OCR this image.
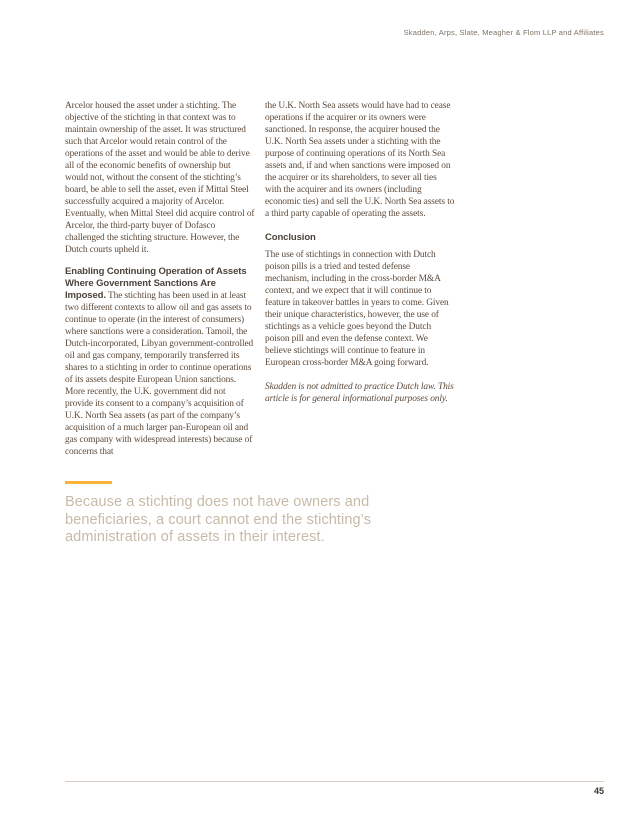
Skadden, Arps, Slate, Meagher & Flom LLP and Affiliates

Arcelor housed the asset under a stichting. The objective of the stichting in that context was to maintain ownership of the asset. It was structured such that Arcelor would retain control of the operations of the asset and would be able to derive all of the economic benefits of ownership but would not, without the consent of the stichting’s board, be able to sell the asset, even if Mittal Steel successfully acquired a majority of Arcelor. Eventually, when Mittal Steel did acquire control of Arcelor, the third-party buyer of Dofasco challenged the stichting structure. However, the Dutch courts upheld it.

Enabling Continuing Operation of Assets Where Government Sanctions Are Imposed. The stichting has been used in at least two different contexts to allow oil and gas assets to continue to operate (in the interest of consumers) where sanctions were a consideration. Tamoil, the Dutch-incorporated, Libyan government-controlled oil and gas company, temporarily transferred its shares to a stichting in order to continue operations of its assets despite European Union sanctions. More recently, the U.K. government did not provide its consent to a company’s acquisition of U.K. North Sea assets (as part of the company’s acquisition of a much larger pan-European oil and gas company with widespread interests) because of concerns that

the U.K. North Sea assets would have had to cease operations if the acquirer or its owners were sanctioned. In response, the acquirer housed the U.K. North Sea assets under a stichting with the purpose of continuing operations of its North Sea assets and, if and when sanctions were imposed on the acquirer or its shareholders, to sever all ties with the acquirer and its owners (including economic ties) and sell the U.K. North Sea assets to a third party capable of operating the assets.

Conclusion

The use of stichtings in connection with Dutch poison pills is a tried and tested defense mechanism, including in the cross-border M&A context, and we expect that it will continue to feature in takeover battles in years to come. Given their unique characteristics, however, the use of stichtings as a vehicle goes beyond the Dutch poison pill and even the defense context. We believe stichtings will continue to feature in European cross-border M&A going forward.

Skadden is not admitted to practice Dutch law. This article is for general informational purposes only.

Because a stichting does not have owners and beneficiaries, a court cannot end the stichting’s administration of assets in their interest.
45
